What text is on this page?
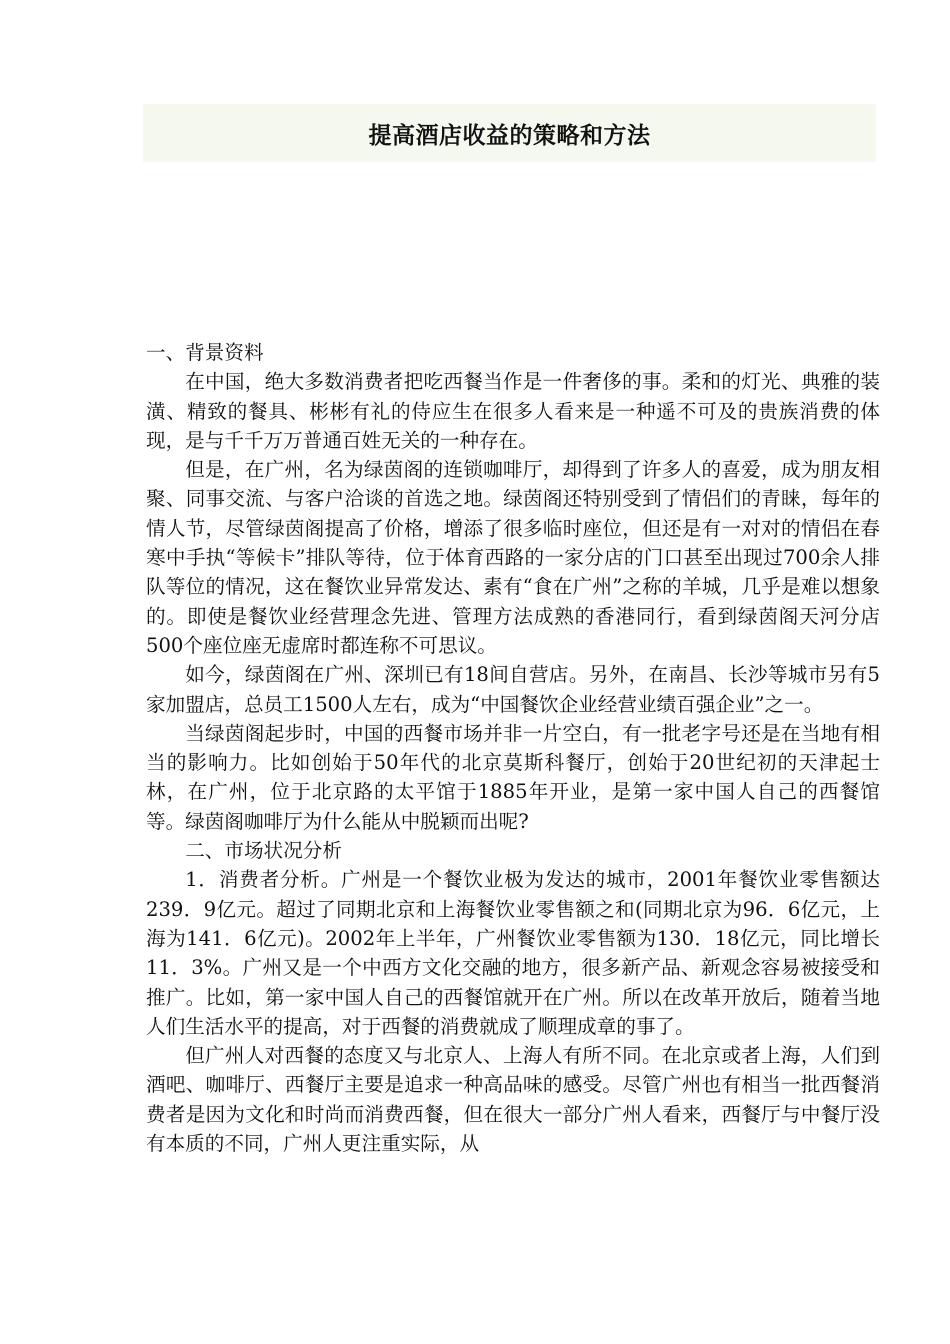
提高酒店收益的策略和方法

一、背景资料

在中国，绝大多数消费者把吃西餐当作是一件奢侈的事。柔和的灯光、典雅的装潢、精致的餐具、彬彬有礼的侍应生在很多人看来是一种遥不可及的贵族消费的体现，是与千千万万普通百姓无关的一种存在。

但是，在广州，名为绿茵阁的连锁咖啡厅，却得到了许多人的喜爱，成为朋友相聚、同事交流、与客户洽谈的首选之地。绿茵阁还特别受到了情侣们的青睐，每年的情人节，尽管绿茵阁提高了价格，增添了很多临时座位，但还是有一对对的情侣在春寒中手执“等候卡”排队等待，位于体育西路的一家分店的门口甚至出现过700余人排队等位的情况，这在餐饮业异常发达、素有“食在广州”之称的羊城，几乎是难以想象的。即使是餐饮业经营理念先进、管理方法成熟的香港同行，看到绿茵阁天河分店500个座位座无虚席时都连称不可思议。

如今，绿茵阁在广州、深圳已有18间自营店。另外，在南昌、长沙等城市另有5家加盟店，总员工1500人左右，成为“中国餐饮企业经营业绩百强企业”之一。

当绿茵阁起步时，中国的西餐市场并非一片空白，有一批老字号还是在当地有相当的影响力。比如创始于50年代的北京莫斯科餐厅，创始于20世纪初的天津起士林，在广州，位于北京路的太平馆于1885年开业，是第一家中国人自己的西餐馆等。绿茵阁咖啡厅为什么能从中脱颖而出呢?

二、市场状况分析

1．消费者分析。广州是一个餐饮业极为发达的城市，2001年餐饮业零售额达239．9亿元。超过了同期北京和上海餐饮业零售额之和(同期北京为96．6亿元，上海为141．6亿元)。2002年上半年，广州餐饮业零售额为130．18亿元，同比增长11．3%。广州又是一个中西方文化交融的地方，很多新产品、新观念容易被接受和推广。比如，第一家中国人自己的西餐馆就开在广州。所以在改革开放后，随着当地人们生活水平的提高，对于西餐的消费就成了顺理成章的事了。

但广州人对西餐的态度又与北京人、上海人有所不同。在北京或者上海，人们到酒吧、咖啡厅、西餐厅主要是追求一种高品味的感受。尽管广州也有相当一批西餐消费者是因为文化和时尚而消费西餐，但在很大一部分广州人看来，西餐厅与中餐厅没有本质的不同，广州人更注重实际，从
